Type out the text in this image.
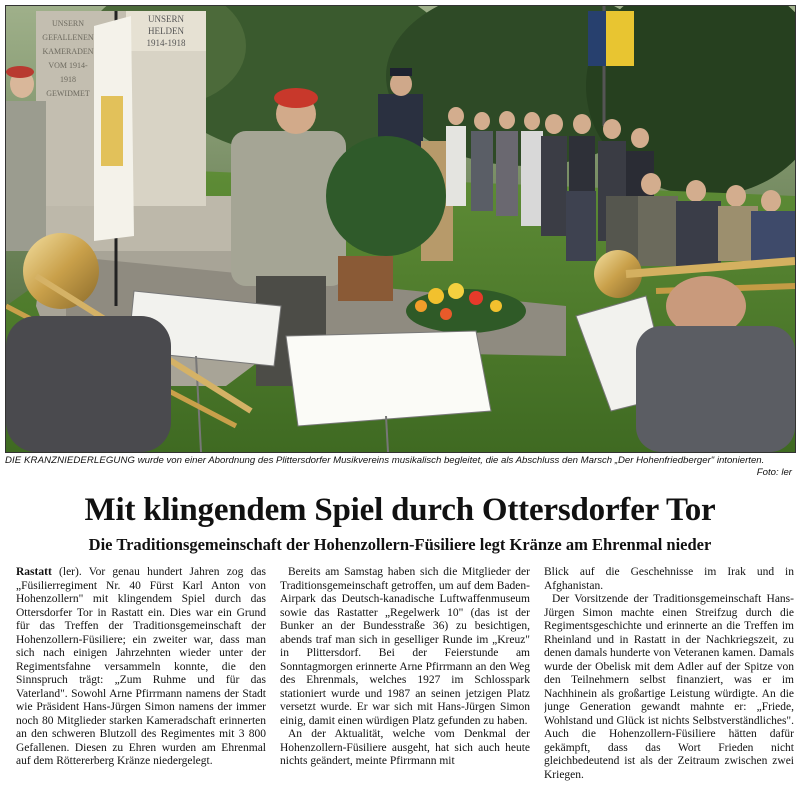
UNSERN
HELDEN
1914-1918
UNSERN
GEFALLENEN
KAMERADEN
VOM 1914-
1918
GEWIDMET
DIE KRANZNIEDERLEGUNG wurde von einer Abordnung des Plittersdorfer Musikvereins musikalisch begleitet, die als Abschluss den Marsch „Der Hohenfriedberger" intonierten.
Foto: ler
Mit klingendem Spiel durch Ottersdorfer Tor
Die Traditionsgemeinschaft der Hohenzollern-Füsiliere legt Kränze am Ehrenmal nieder

Rastatt (ler). Vor genau hundert Jahren zog das „Füsilierregiment Nr. 40 Fürst Karl Anton von Hohenzollern" mit klingendem Spiel durch das Ottersdorfer Tor in Rastatt ein. Dies war ein Grund für das Treffen der Traditionsgemeinschaft der Hohenzollern-Füsiliere; ein zweiter war, dass man sich nach einigen Jahrzehnten wieder unter der Regimentsfahne versammeln konnte, die den Sinnspruch trägt: „Zum Ruhme und für das Vaterland". Sowohl Arne Pfirrmann namens der Stadt wie Präsident Hans-Jürgen Simon namens der immer noch 80 Mitglieder starken Kameradschaft erinnerten an den schweren Blutzoll des Regimentes mit 3 800 Gefallenen. Diesen zu Ehren wurden am Ehrenmal auf dem Röttererberg Kränze niedergelegt.

Bereits am Samstag haben sich die Mitglieder der Traditionsgemeinschaft getroffen, um auf dem Baden-Airpark das Deutsch-kanadische Luftwaffenmuseum sowie das Rastatter „Regelwerk 10" (das ist der Bunker an der Bundesstraße 36) zu besichtigen, abends traf man sich in geselliger Runde im „Kreuz" in Plittersdorf. Bei der Feierstunde am Sonntagmorgen erinnerte Arne Pfirrmann an den Weg des Ehrenmals, welches 1927 im Schlosspark stationiert wurde und 1987 an seinen jetzigen Platz versetzt wurde. Er war sich mit Hans-Jürgen Simon einig, damit einen würdigen Platz gefunden zu haben.

An der Aktualität, welche vom Denkmal der Hohenzollern-Füsiliere ausgeht, hat sich auch heute nichts geändert, meinte Pfirrmann mit

Blick auf die Geschehnisse im Irak und in Afghanistan.

Der Vorsitzende der Traditionsgemeinschaft Hans-Jürgen Simon machte einen Streifzug durch die Regimentsgeschichte und erinnerte an die Treffen im Rheinland und in Rastatt in der Nachkriegszeit, zu denen damals hunderte von Veteranen kamen. Damals wurde der Obelisk mit dem Adler auf der Spitze von den Teilnehmern selbst finanziert, was er im Nachhinein als großartige Leistung würdigte. An die junge Generation gewandt mahnte er: „Friede, Wohlstand und Glück ist nichts Selbstverständliches". Auch die Hohenzollern-Füsiliere hätten dafür gekämpft, dass das Wort Frieden nicht gleichbedeutend ist als der Zeitraum zwischen zwei Kriegen.
